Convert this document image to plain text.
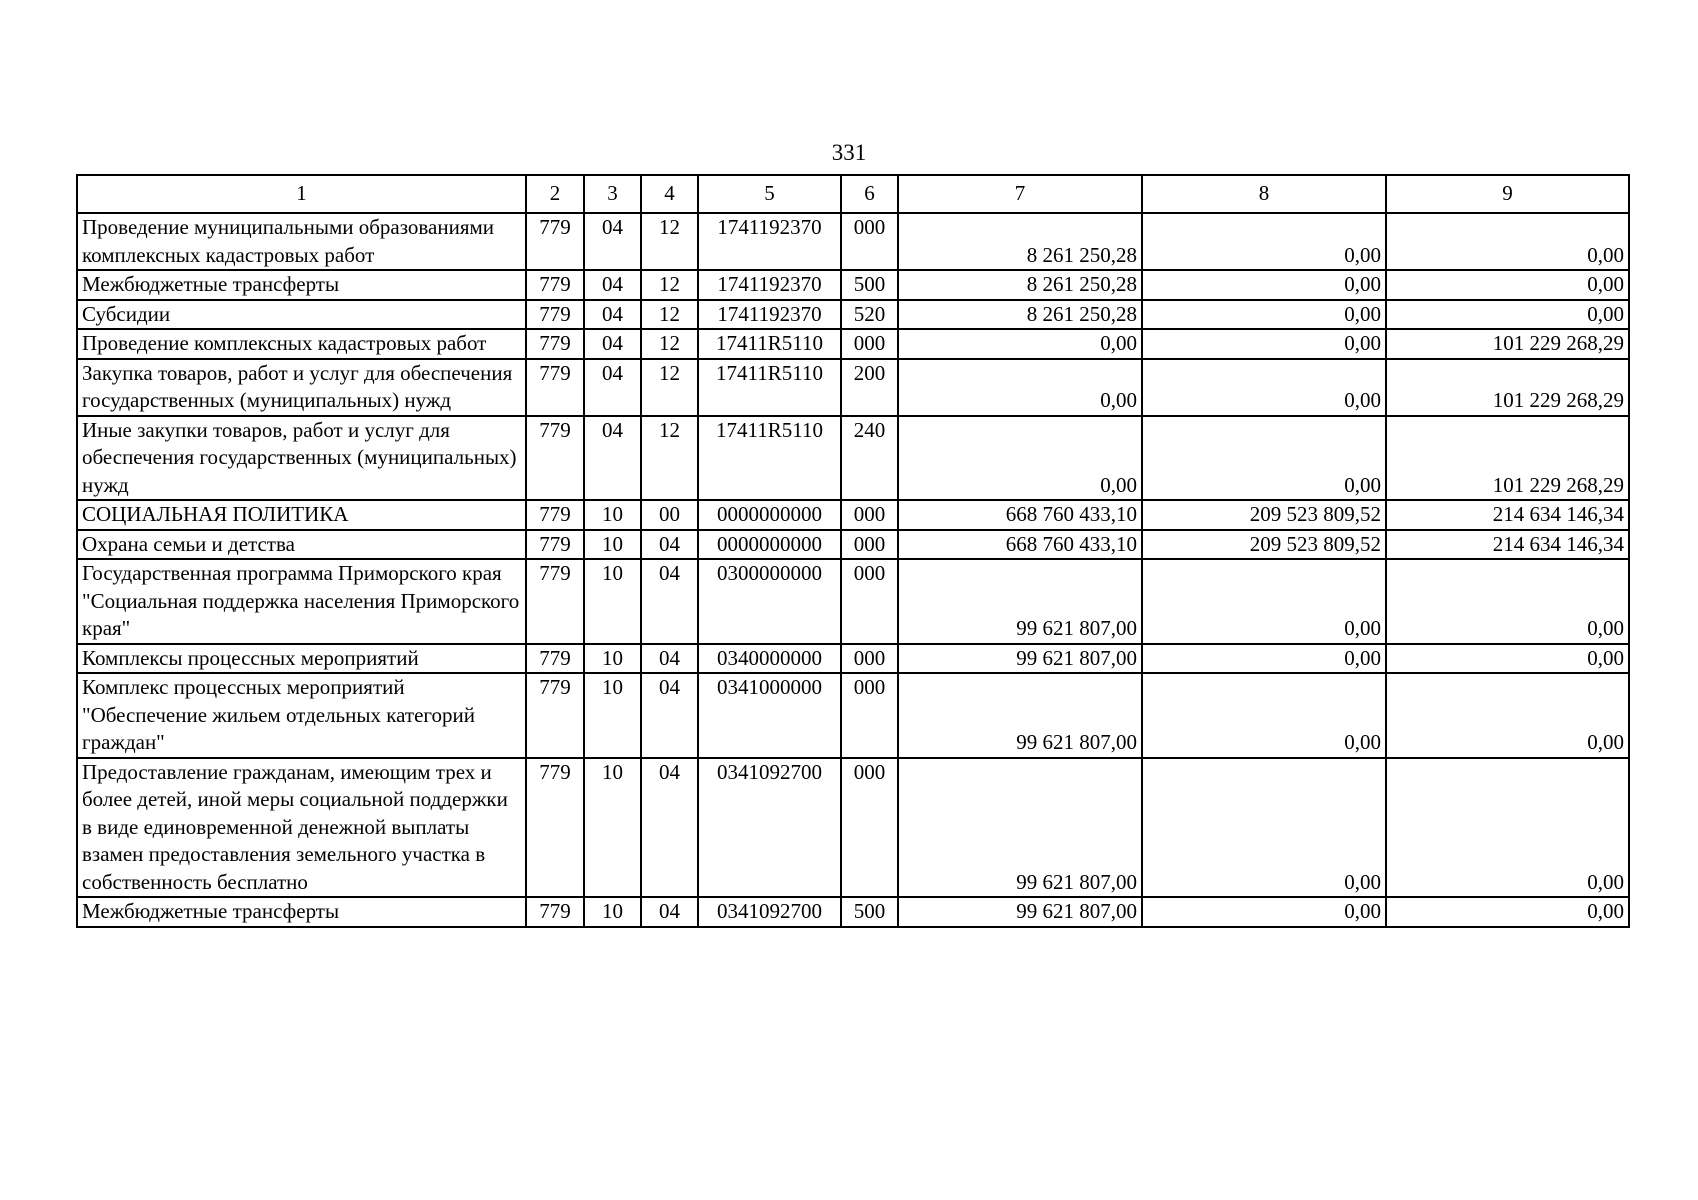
331
1	2	3	4	5	6	7	8	9
Проведение муниципальными образованиями комплексных кадастровых работ	779	04	12	1741192370	000	8 261 250,28	0,00	0,00
Межбюджетные трансферты	779	04	12	1741192370	500	8 261 250,28	0,00	0,00
Субсидии	779	04	12	1741192370	520	8 261 250,28	0,00	0,00
Проведение комплексных кадастровых работ	779	04	12	17411R5110	000	0,00	0,00	101 229 268,29
Закупка товаров, работ и услуг для обеспечения государственных (муниципальных) нужд	779	04	12	17411R5110	200	0,00	0,00	101 229 268,29
Иные закупки товаров, работ и услуг для обеспечения государственных (муниципальных) нужд	779	04	12	17411R5110	240	0,00	0,00	101 229 268,29
СОЦИАЛЬНАЯ ПОЛИТИКА	779	10	00	0000000000	000	668 760 433,10	209 523 809,52	214 634 146,34
Охрана семьи и детства	779	10	04	0000000000	000	668 760 433,10	209 523 809,52	214 634 146,34
Государственная программа Приморского края "Социальная поддержка населения Приморского края"	779	10	04	0300000000	000	99 621 807,00	0,00	0,00
Комплексы процессных мероприятий	779	10	04	0340000000	000	99 621 807,00	0,00	0,00
Комплекс процессных мероприятий "Обеспечение жильем отдельных категорий граждан"	779	10	04	0341000000	000	99 621 807,00	0,00	0,00
Предоставление гражданам, имеющим трех и более детей, иной меры социальной поддержки в виде единовременной денежной выплаты взамен предоставления земельного участка в собственность бесплатно	779	10	04	0341092700	000	99 621 807,00	0,00	0,00
Межбюджетные трансферты	779	10	04	0341092700	500	99 621 807,00	0,00	0,00
